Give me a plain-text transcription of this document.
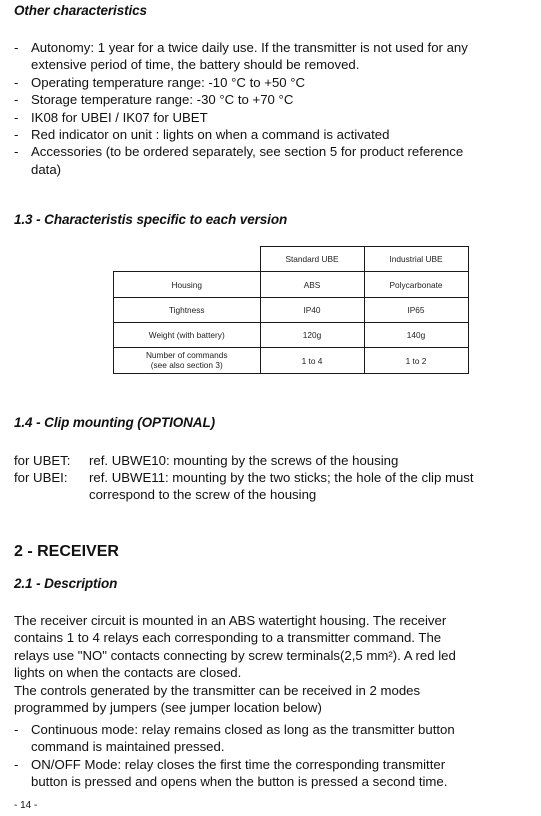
Other characteristics
- Autonomy: 1 year for a twice daily use. If the transmitter is not used for any
extensive period of time, the battery should be removed.
- Operating temperature range: -10 °C to +50 °C
- Storage temperature range: -30 °C to +70 °C
- IK08 for UBEI / IK07 for UBET
- Red indicator on unit : lights on when a command is activated
- Accessories (to be ordered separately, see section 5 for product reference
data)
1.3 - Characteristis specific to each version
	Standard UBE	Industrial UBE
Housing	ABS	Polycarbonate
Tightness	IP40	IP65
Weight (with battery)	120g	140g
Number of commands
(see also section 3)	1 to 4	1 to 2
1.4 - Clip mounting (OPTIONAL)
for UBET: ref. UBWE10: mounting by the screws of the housing
for UBEI: ref. UBWE11: mounting by the two sticks; the hole of the clip must
correspond to the screw of the housing
2 - RECEIVER
2.1 - Description

The receiver circuit is mounted in an ABS watertight housing. The receiver
contains 1 to 4 relays each corresponding to a transmitter command. The
relays use "NO" contacts connecting by screw terminals(2,5 mm²). A red led
lights on when the contacts are closed.
The controls generated by the transmitter can be received in 2 modes
programmed by jumpers (see jumper location below)

- Continuous mode: relay remains closed as long as the transmitter button
command is maintained pressed.
- ON/OFF Mode: relay closes the first time the corresponding transmitter
button is pressed and opens when the button is pressed a second time.
- 14 -
